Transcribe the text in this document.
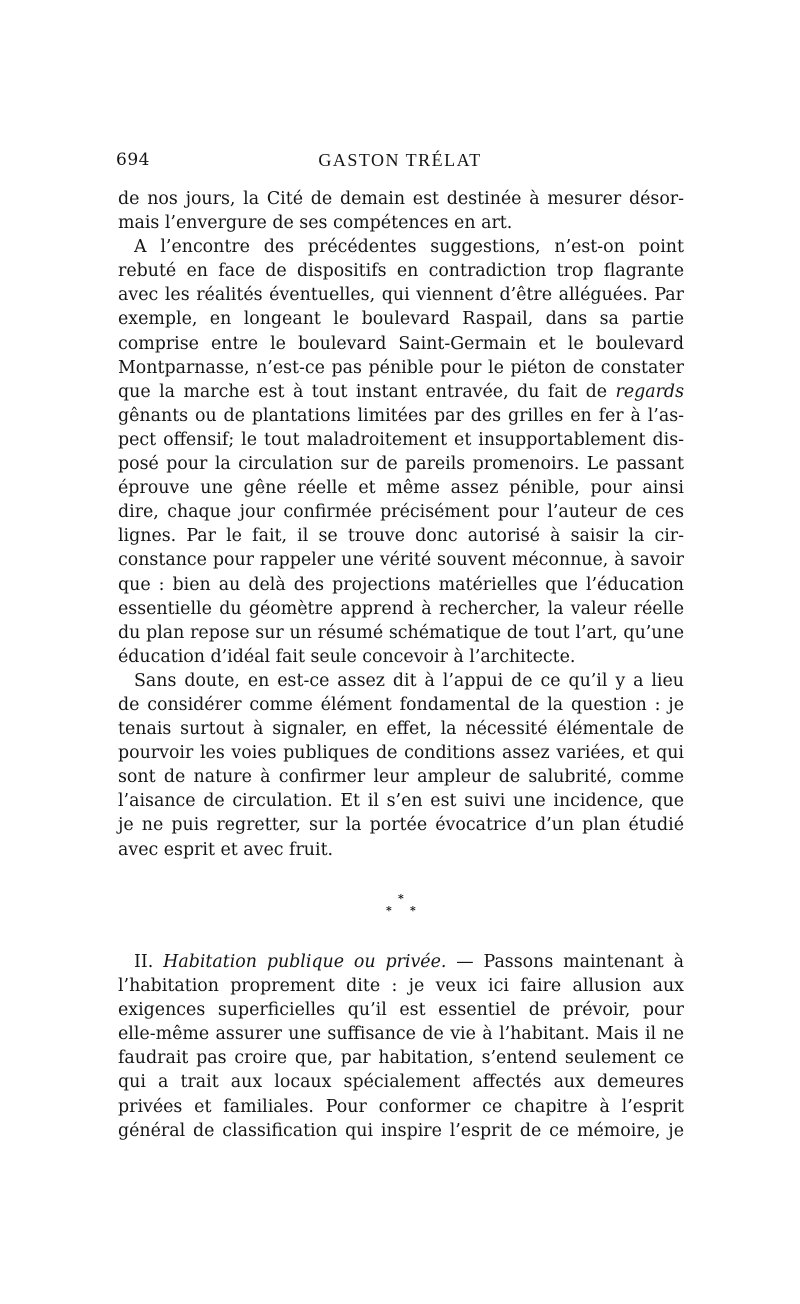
694	GASTON TRÉLAT
de nos jours, la Cité de demain est destinée à mesurer désor-
mais l’envergure de ses compétences en art.
A l’encontre des précédentes suggestions, n’est-on point
rebuté en face de dispositifs en contradiction trop flagrante
avec les réalités éventuelles, qui viennent d’être alléguées. Par
exemple, en longeant le boulevard Raspail, dans sa partie
comprise entre le boulevard Saint-Germain et le boulevard
Montparnasse, n’est-ce pas pénible pour le piéton de constater
que la marche est à tout instant entravée, du fait de regards
gênants ou de plantations limitées par des grilles en fer à l’as-
pect offensif; le tout maladroitement et insupportablement dis-
posé pour la circulation sur de pareils promenoirs. Le passant
éprouve une gêne réelle et même assez pénible, pour ainsi
dire, chaque jour confirmée précisément pour l’auteur de ces
lignes. Par le fait, il se trouve donc autorisé à saisir la cir-
constance pour rappeler une vérité souvent méconnue, à savoir
que : bien au delà des projections matérielles que l’éducation
essentielle du géomètre apprend à rechercher, la valeur réelle
du plan repose sur un résumé schématique de tout l’art, qu’une
éducation d’idéal fait seule concevoir à l’architecte.
Sans doute, en est-ce assez dit à l’appui de ce qu’il y a lieu
de considérer comme élément fondamental de la question : je
tenais surtout à signaler, en effet, la nécessité élémentale de
pourvoir les voies publiques de conditions assez variées, et qui
sont de nature à confirmer leur ampleur de salubrité, comme
l’aisance de circulation. Et il s’en est suivi une incidence, que
je ne puis regretter, sur la portée évocatrice d’un plan étudié
avec esprit et avec fruit.
*
* *
II. Habitation publique ou privée. — Passons maintenant à
l’habitation proprement dite : je veux ici faire allusion aux
exigences superficielles qu’il est essentiel de prévoir, pour
elle-même assurer une suffisance de vie à l’habitant. Mais il ne
faudrait pas croire que, par habitation, s’entend seulement ce
qui a trait aux locaux spécialement affectés aux demeures
privées et familiales. Pour conformer ce chapitre à l’esprit
général de classification qui inspire l’esprit de ce mémoire, je
